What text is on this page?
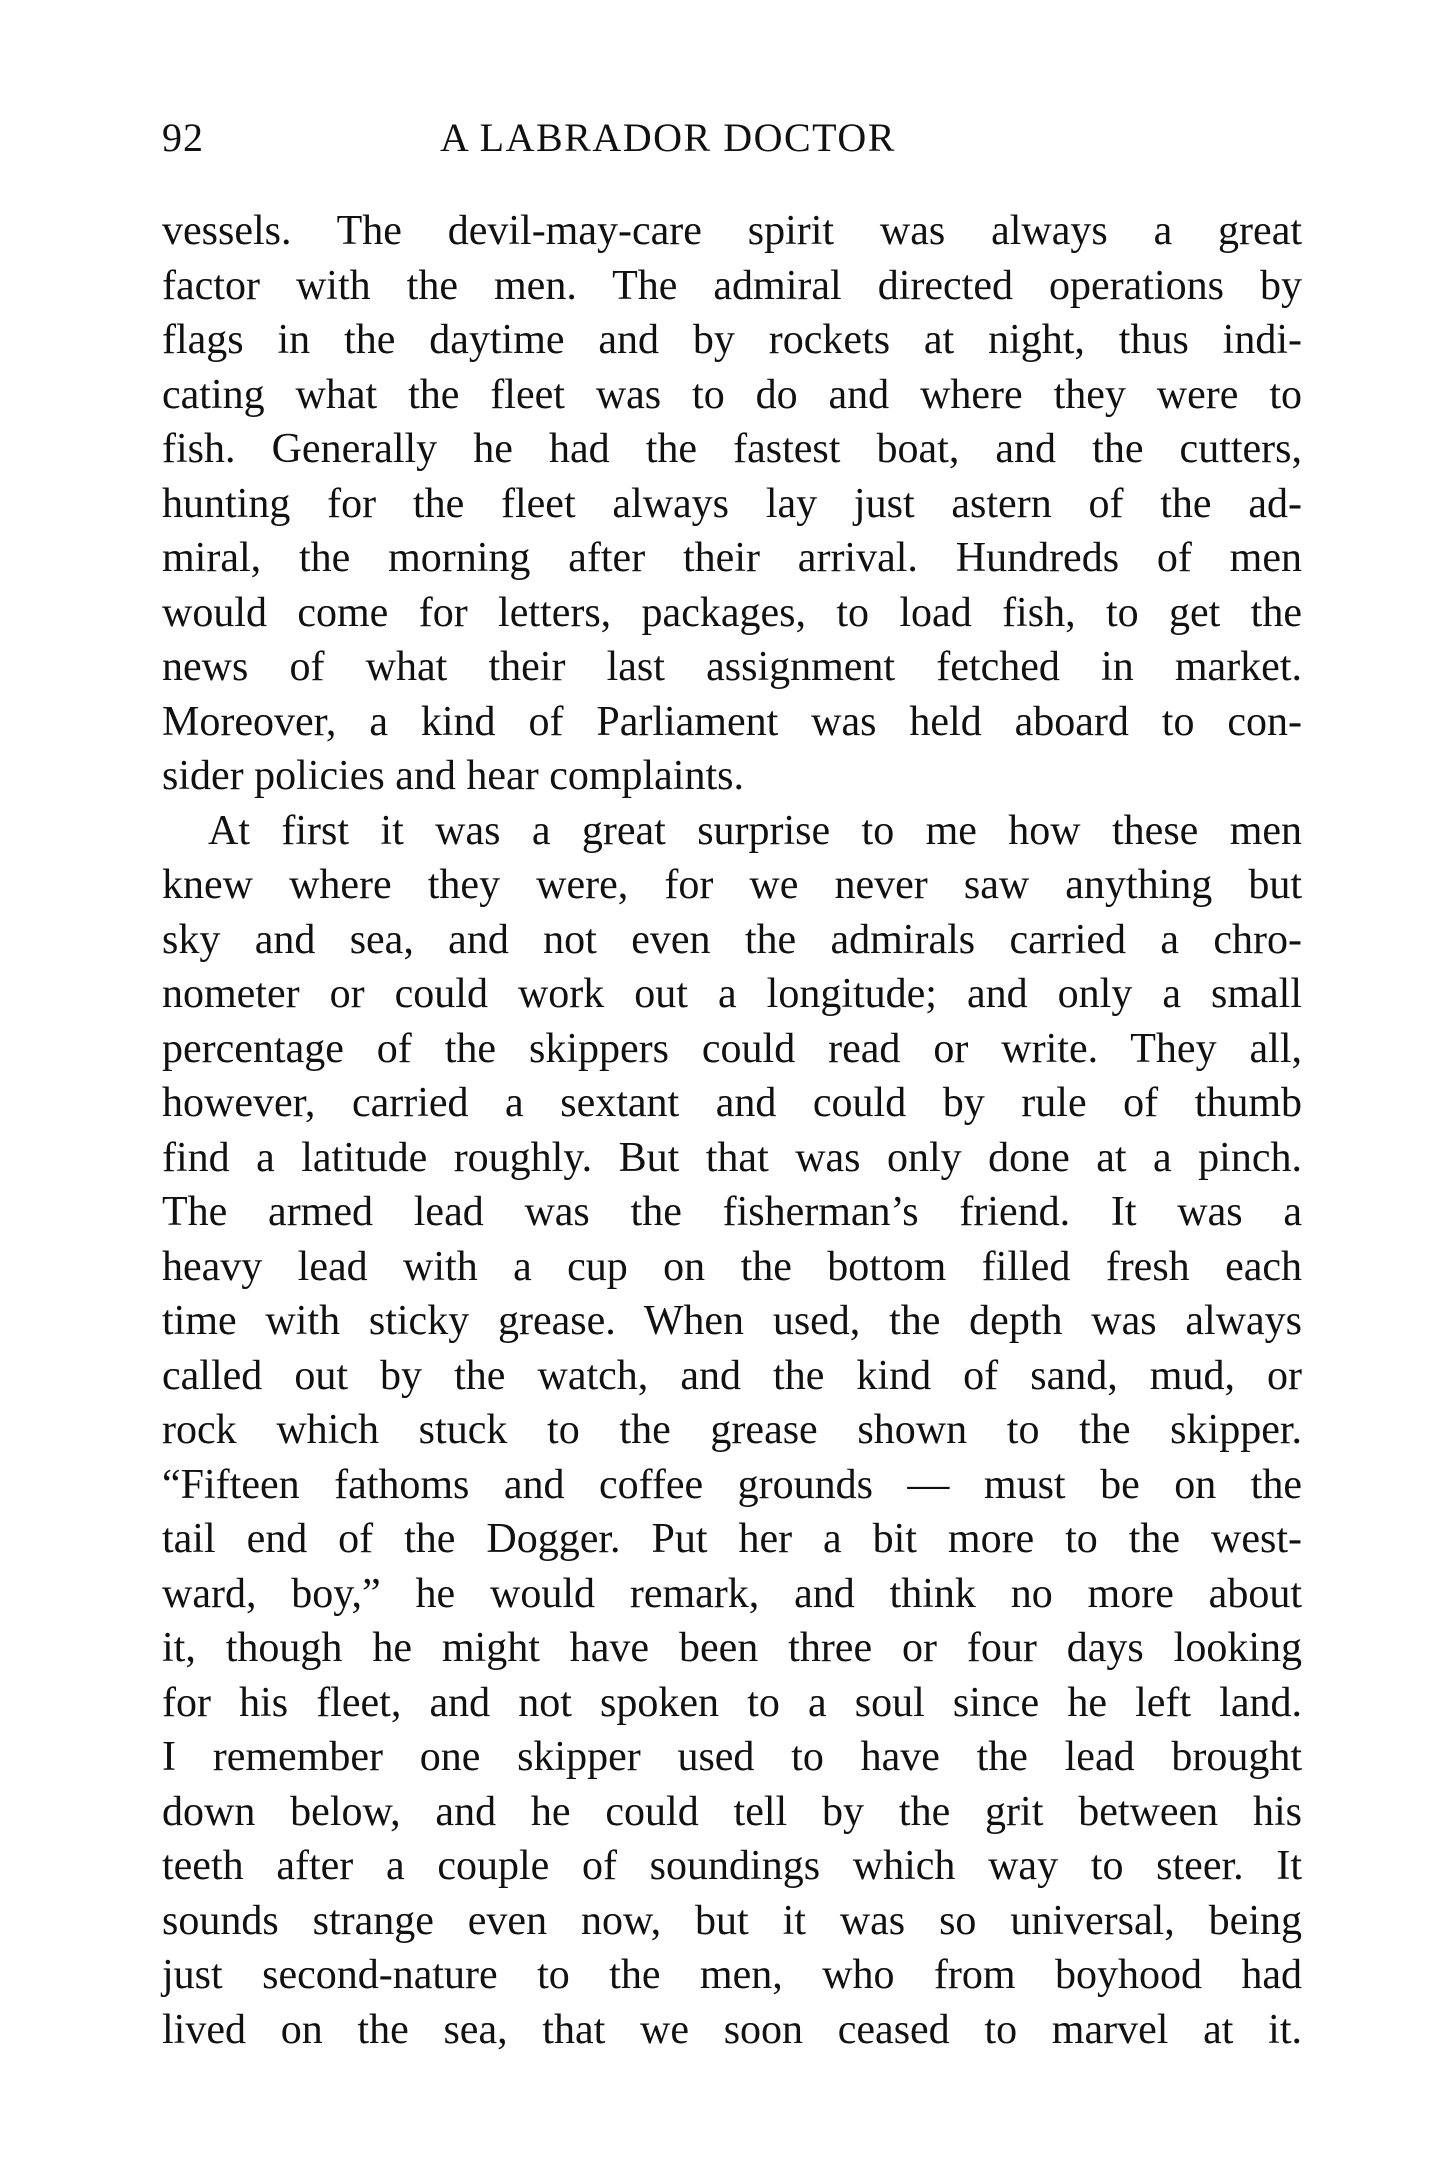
92	A LABRADOR DOCTOR
vessels. The devil-may-care spirit was always a great
factor with the men. The admiral directed operations by
flags in the daytime and by rockets at night, thus indi-
cating what the fleet was to do and where they were to
fish. Generally he had the fastest boat, and the cutters,
hunting for the fleet always lay just astern of the ad-
miral, the morning after their arrival. Hundreds of men
would come for letters, packages, to load fish, to get the
news of what their last assignment fetched in market.
Moreover, a kind of Parliament was held aboard to con-
sider policies and hear complaints.
At first it was a great surprise to me how these men
knew where they were, for we never saw anything but
sky and sea, and not even the admirals carried a chro-
nometer or could work out a longitude; and only a small
percentage of the skippers could read or write. They all,
however, carried a sextant and could by rule of thumb
find a latitude roughly. But that was only done at a pinch.
The armed lead was the fisherman’s friend. It was a
heavy lead with a cup on the bottom filled fresh each
time with sticky grease. When used, the depth was always
called out by the watch, and the kind of sand, mud, or
rock which stuck to the grease shown to the skipper.
“Fifteen fathoms and coffee grounds — must be on the
tail end of the Dogger. Put her a bit more to the west-
ward, boy,” he would remark, and think no more about
it, though he might have been three or four days looking
for his fleet, and not spoken to a soul since he left land.
I remember one skipper used to have the lead brought
down below, and he could tell by the grit between his
teeth after a couple of soundings which way to steer. It
sounds strange even now, but it was so universal, being
just second-nature to the men, who from boyhood had
lived on the sea, that we soon ceased to marvel at it.
